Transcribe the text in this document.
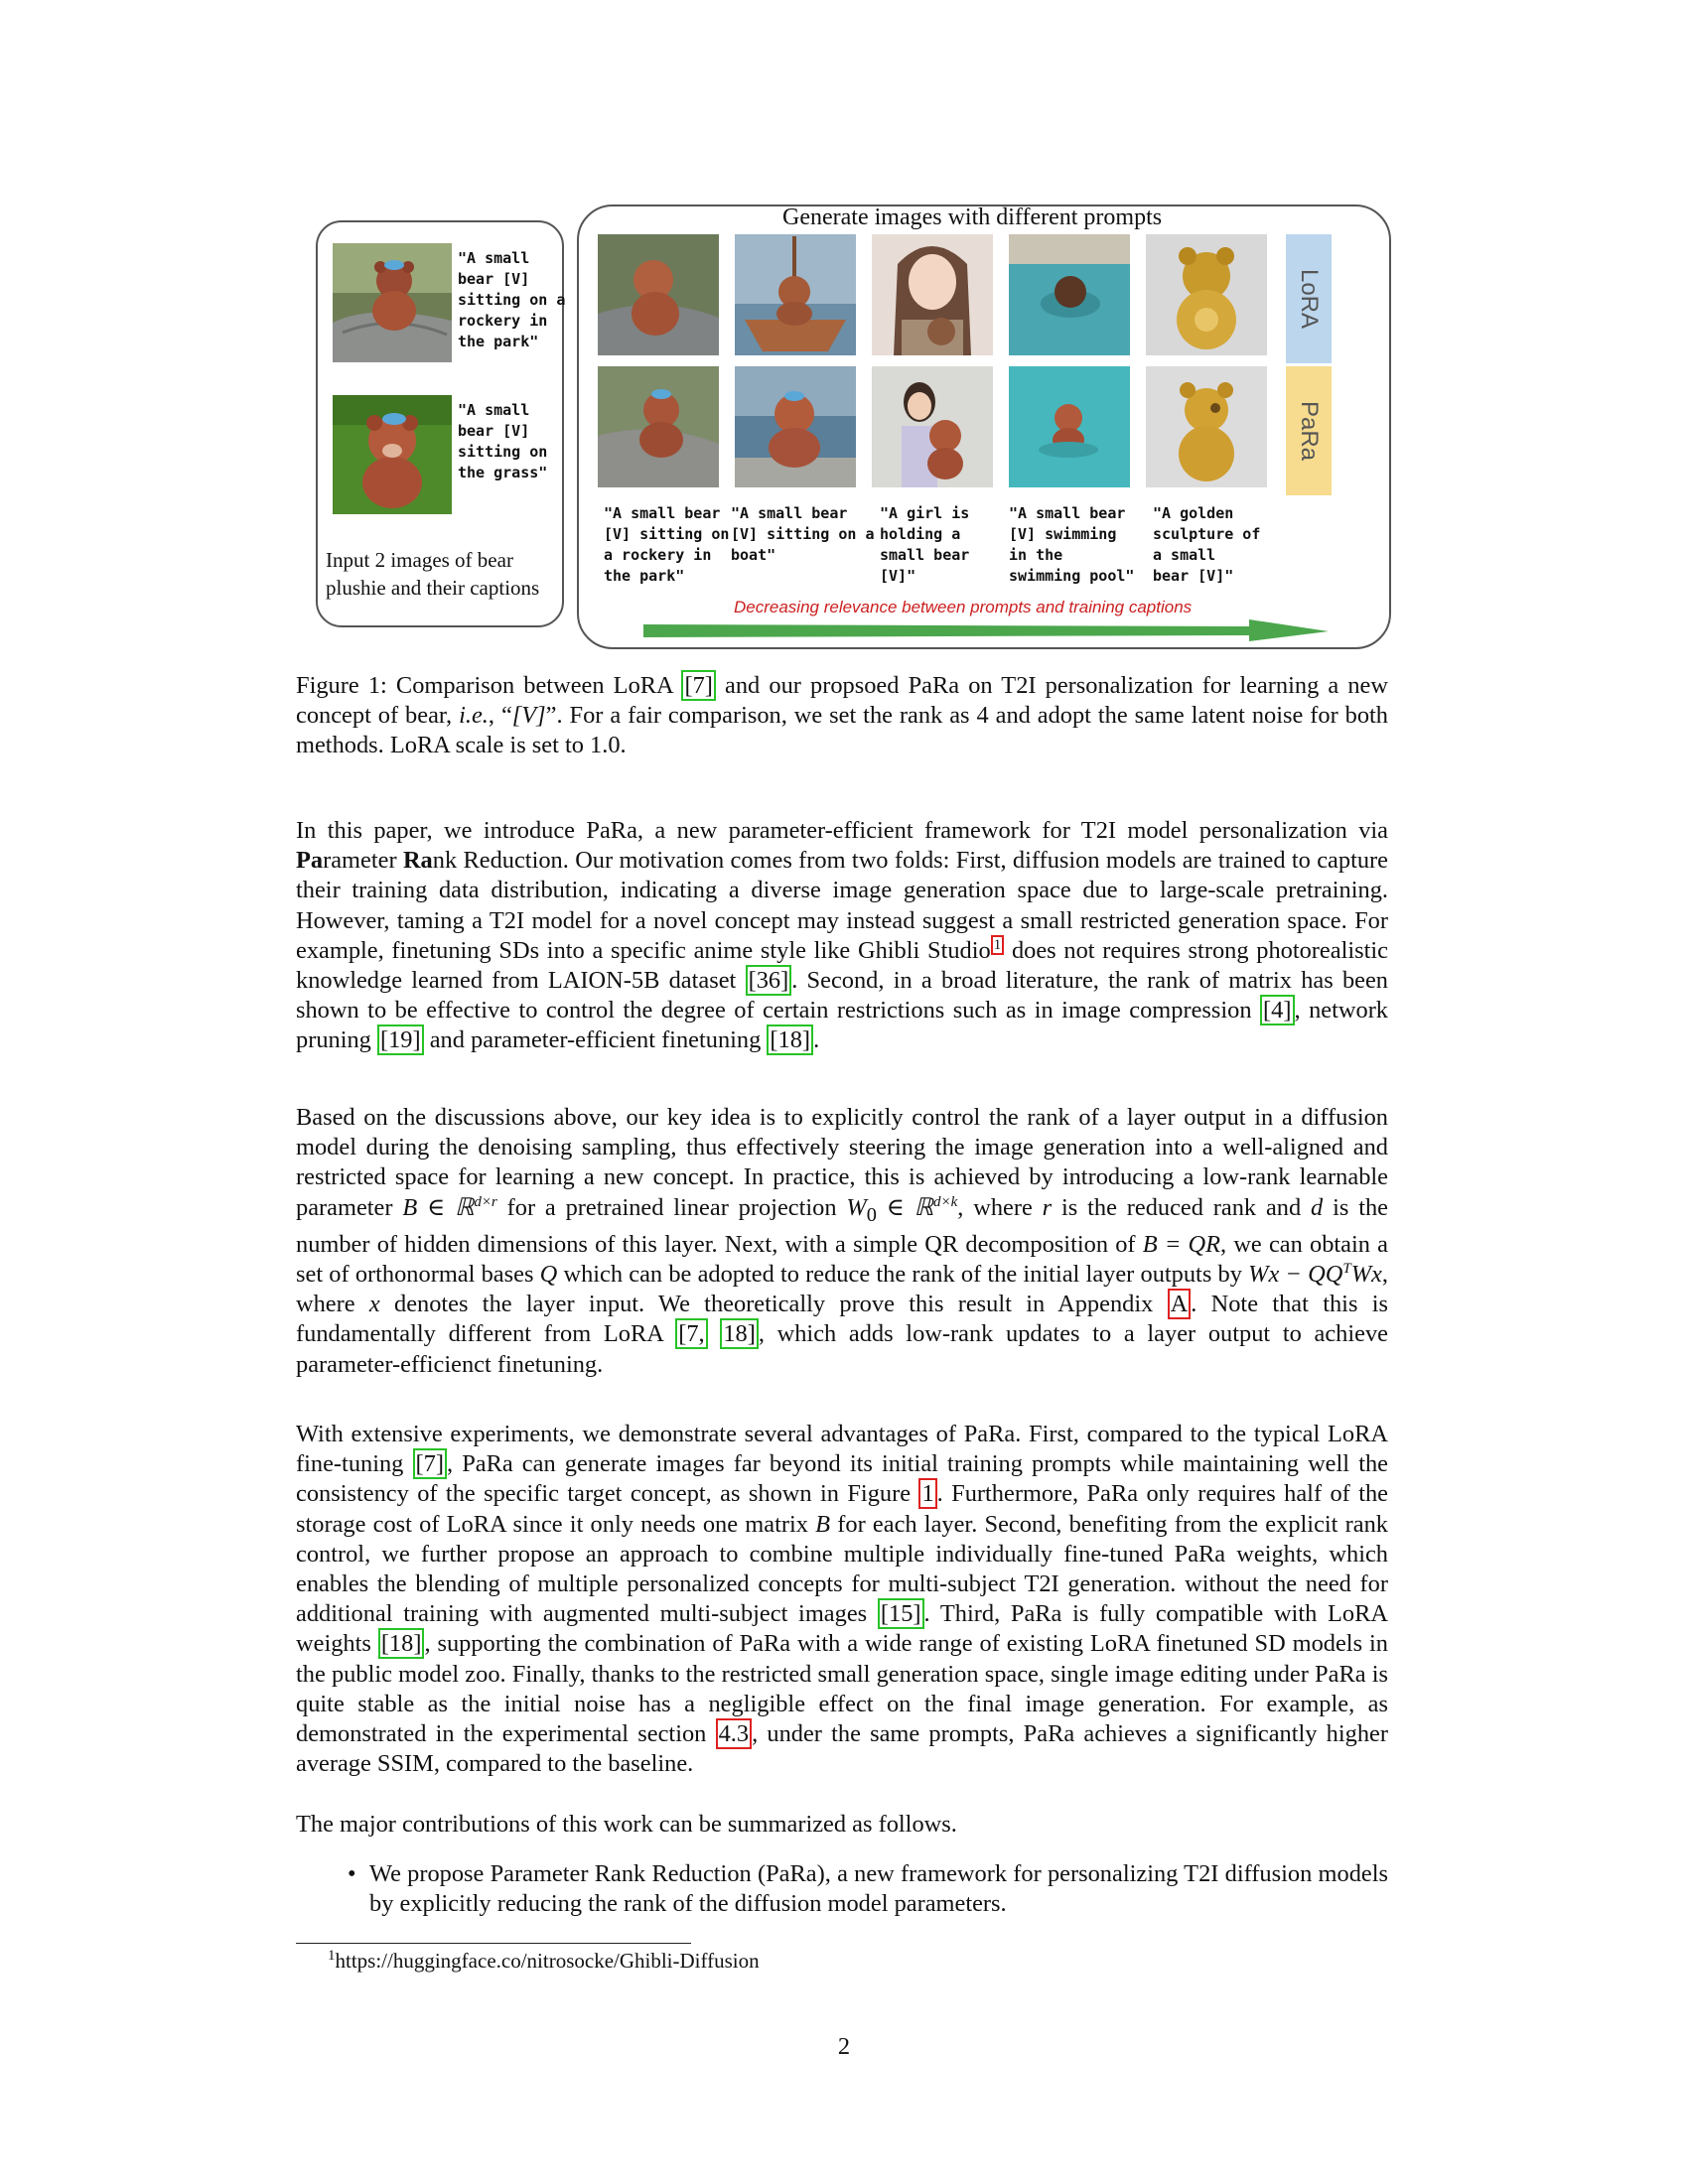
Generate images with different prompts
"A small
bear [V]
sitting on a
rockery in
the park"
"A small
bear [V]
sitting on
the grass"
Input 2 images of bear plushie and their captions
LoRA
PaRa
"A small bear
[V] sitting on
a rockery in
the park"
"A small bear
[V] sitting on a
boat"
"A girl is
holding a
small bear
[V]"
"A small bear
[V] swimming
in the
swimming pool"
"A golden
sculpture of
a small
bear [V]"
Decreasing relevance between prompts and training captions
Figure 1: Comparison between LoRA [7] and our propsoed PaRa on T2I personalization for learning a new concept of bear, i.e., “[V]”. For a fair comparison, we set the rank as 4 and adopt the same latent noise for both methods. LoRA scale is set to 1.0.
In this paper, we introduce PaRa, a new parameter-efficient framework for T2I model personalization via Parameter Rank Reduction. Our motivation comes from two folds: First, diffusion models are trained to capture their training data distribution, indicating a diverse image generation space due to large-scale pretraining. However, taming a T2I model for a novel concept may instead suggest a small restricted generation space. For example, finetuning SDs into a specific anime style like Ghibli Studio $^1$ does not requires strong photorealistic knowledge learned from LAION-5B dataset [36] . Second, in a broad literature, the rank of matrix has been shown to be effective to control the degree of certain restrictions such as in image compression [4] , network pruning [19] and parameter-efficient finetuning [18] .
Based on the discussions above, our key idea is to explicitly control the rank of a layer output in a diffusion model during the denoising sampling, thus effectively steering the image generation into a well-aligned and restricted space for learning a new concept. In practice, this is achieved by introducing a low-rank learnable parameter B ∈ ℝ$^{d\times r}$ for a pretrained linear projection $W_0$ ∈ ℝ$^{d\times k}$, where r is the reduced rank and d is the number of hidden dimensions of this layer. Next, with a simple QR decomposition of B = QR, we can obtain a set of orthonormal bases Q which can be adopted to reduce the rank of the initial layer outputs by $Wx - QQ^TWx$, where x denotes the layer input. We theoretically prove this result in Appendix A . Note that this is fundamentally different from LoRA [7, 18] , which adds low-rank updates to a layer output to achieve parameter-efficienct finetuning.
With extensive experiments, we demonstrate several advantages of PaRa. First, compared to the typical LoRA fine-tuning [7] , PaRa can generate images far beyond its initial training prompts while maintaining well the consistency of the specific target concept, as shown in Figure 1 . Furthermore, PaRa only requires half of the storage cost of LoRA since it only needs one matrix B for each layer. Second, benefiting from the explicit rank control, we further propose an approach to combine multiple individually fine-tuned PaRa weights, which enables the blending of multiple personalized concepts for multi-subject T2I generation. without the need for additional training with augmented multi-subject images [15] . Third, PaRa is fully compatible with LoRA weights [18] , supporting the combination of PaRa with a wide range of existing LoRA finetuned SD models in the public model zoo. Finally, thanks to the restricted small generation space, single image editing under PaRa is quite stable as the initial noise has a negligible effect on the final image generation. For example, as demonstrated in the experimental section 4.3 , under the same prompts, PaRa achieves a significantly higher average SSIM, compared to the baseline.
The major contributions of this work can be summarized as follows.
• We propose Parameter Rank Reduction (PaRa), a new framework for personalizing T2I diffusion models by explicitly reducing the rank of the diffusion model parameters.
$^1$https://huggingface.co/nitrosocke/Ghibli-Diffusion
2
